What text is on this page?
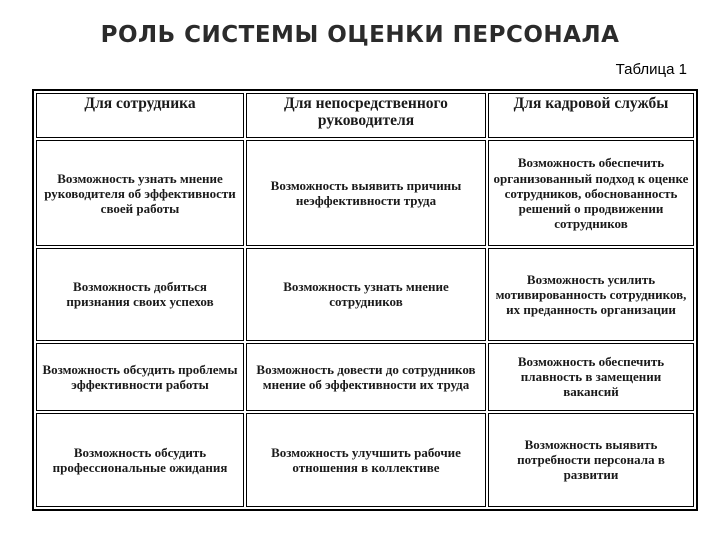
РОЛЬ СИСТЕМЫ ОЦЕНКИ ПЕРСОНАЛА
Таблица 1
Для сотрудника	Для непосредственного руководителя	Для кадровой службы
Возможность узнать мнение руководителя об эффективности своей работы	Возможность выявить причины неэффективности труда	Возможность обеспечить организованный подход к оценке сотрудников, обоснованность решений о продвижении сотрудников
Возможность добиться признания своих успехов	Возможность узнать мнение сотрудников	Возможность усилить мотивированность сотрудников, их преданность организации
Возможность обсудить проблемы эффективности работы	Возможность довести до сотрудников мнение об эффективности их труда	Возможность обеспечить плавность в замещении вакансий
Возможность обсудить профессиональные ожидания	Возможность улучшить рабочие отношения в коллективе	Возможность выявить потребности персонала в развитии
